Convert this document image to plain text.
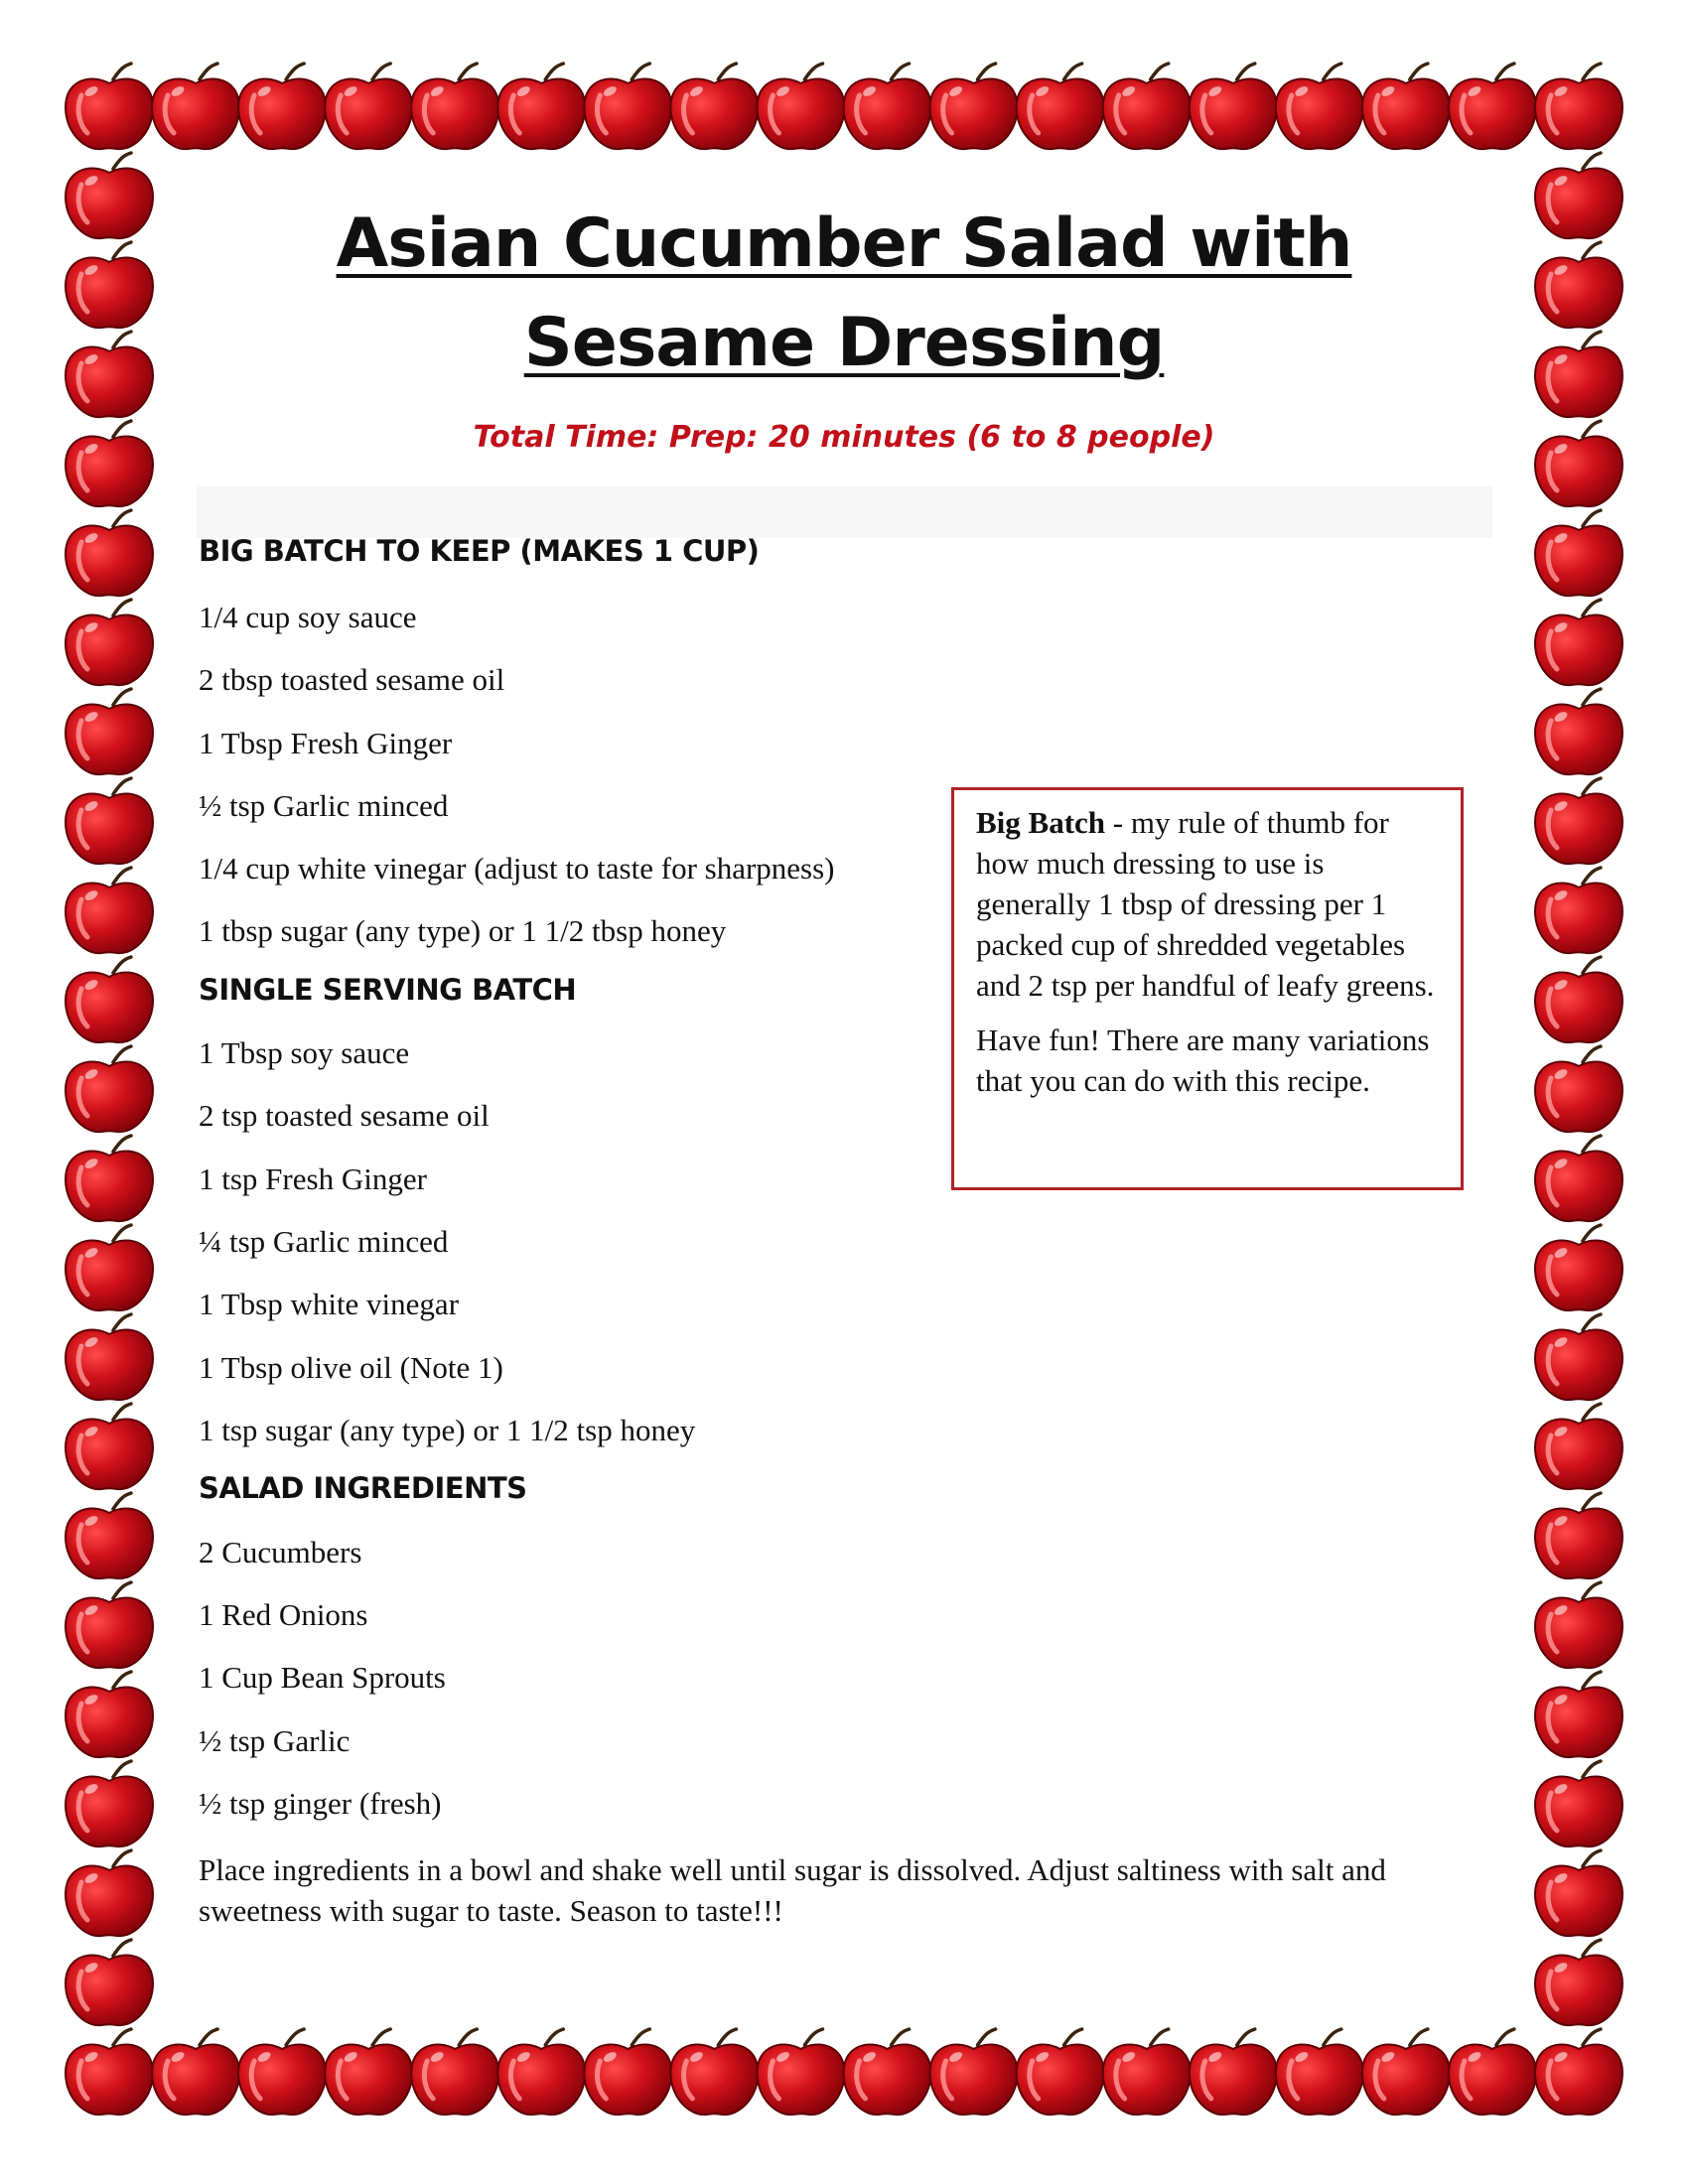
Asian Cucumber Salad with
Sesame Dressing
Total Time: Prep: 20 minutes (6 to 8 people)
BIG BATCH TO KEEP (MAKES 1 CUP)
1/4 cup soy sauce
2 tbsp toasted sesame oil
1 Tbsp Fresh Ginger
½ tsp Garlic minced
1/4 cup white vinegar (adjust to taste for sharpness)
1 tbsp sugar (any type) or 1 1/2 tbsp honey
SINGLE SERVING BATCH
1 Tbsp soy sauce
2 tsp toasted sesame oil
1 tsp Fresh Ginger
¼ tsp Garlic minced
1 Tbsp white vinegar
1 Tbsp olive oil (Note 1)
1 tsp sugar (any type) or 1 1/2 tsp honey
SALAD INGREDIENTS
2 Cucumbers
1 Red Onions
1 Cup Bean Sprouts
½ tsp Garlic
½ tsp ginger (fresh)
Place ingredients in a bowl and shake well until sugar is dissolved. Adjust saltiness with salt and sweetness with sugar to taste. Season to taste!!!

Big Batch - my rule of thumb for how much dressing to use is generally 1 tbsp of dressing per 1 packed cup of shredded vegetables and 2 tsp per handful of leafy greens.

Have fun! There are many variations that you can do with this recipe.
